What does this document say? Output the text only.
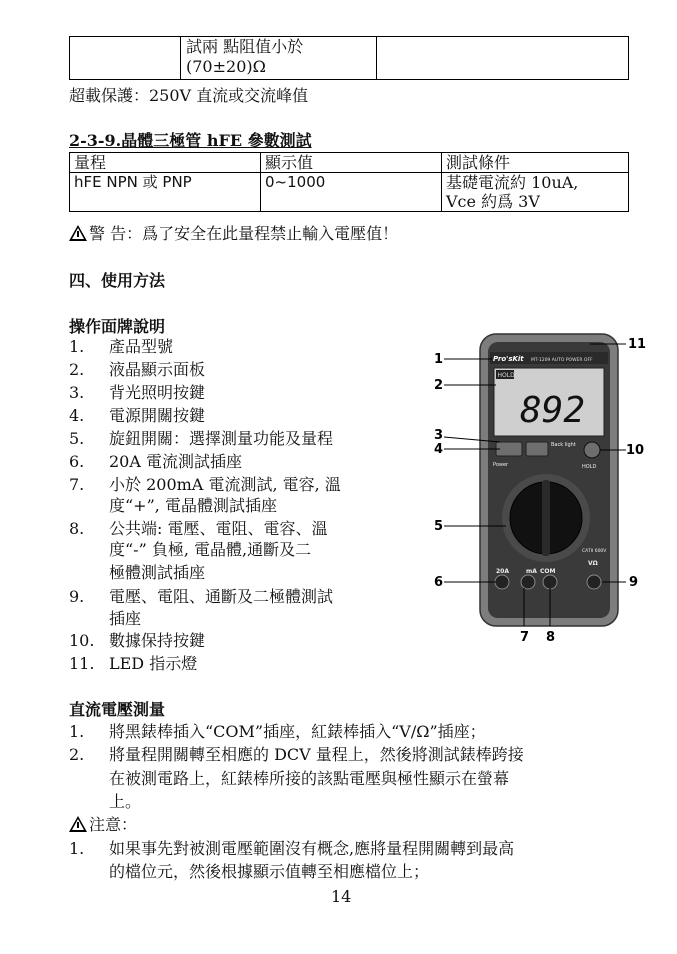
試兩 點阻值小於
(70±20)Ω
超載保護：250V 直流或交流峰值
2-3-9.晶體三極管 hFE 參數測試
量程	顯示值	測試條件
hFE NPN 或 PNP	0~1000	基礎電流約 10uA,
Vce 約爲 3V
警 告：爲了安全在此量程禁止輸入電壓值！
四、使用方法
操作面牌說明
1. 產品型號
2. 液晶顯示面板
3. 背光照明按鍵
4. 電源開關按鍵
5. 旋鈕開關：選擇測量功能及量程
6. 20A 電流測試插座
7. 小於 200mA 電流測試, 電容, 溫
度“+”, 電晶體測試插座
8. 公共端: 電壓、電阻、電容、溫
度“-” 負極, 電晶體,通斷及二
極體測試插座
9. 電壓、電阻、通斷及二極體測試
插座
10. 數據保持按鍵
11. LED 指示燈
Pro'sKit MT-1209 AUTO POWER OFF
HOLD
892
Back light
Power	HOLD
20A	mA COM
VΩ
CATII 600V
1
2
3
4
5
6
7 8
9
10
11
直流電壓測量
1. 將黑錶棒插入“COM”插座，紅錶棒插入“V/Ω”插座；
2. 將量程開關轉至相應的 DCV 量程上，然後將測試錶棒跨接
在被測電路上，紅錶棒所接的該點電壓與極性顯示在螢幕
上。
注意：
1. 如果事先對被測電壓範圍沒有概念,應將量程開關轉到最高
的檔位元，然後根據顯示值轉至相應檔位上；
14
